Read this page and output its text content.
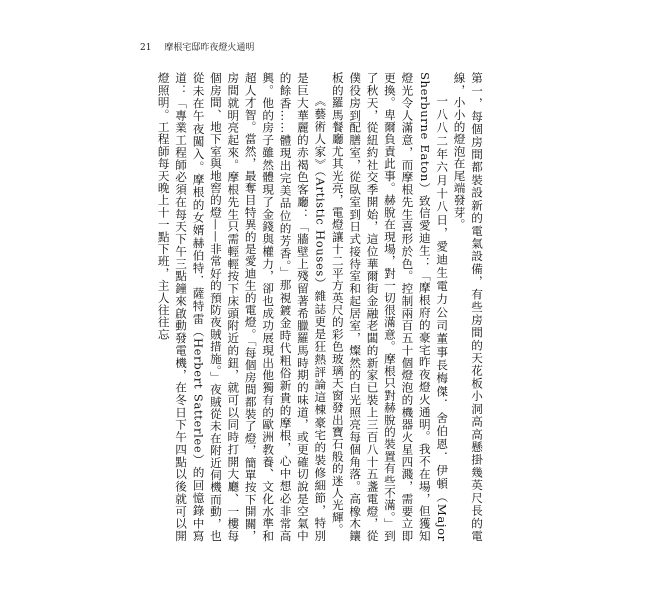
21 摩根宅邸昨夜燈火通明

第一，每個房間都裝設新的電氣設備，有些房間的天花板小洞高高懸掛幾英尺長的電線，小小的燈泡在尾端發芽。

一八八二年六月十八日，愛迪生電力公司董事長梅傑．舍伯恩．伊頓（Major Sherburne Eaton）致信愛迪生：「摩根府的豪宅昨夜燈火通明。我不在場，但獲知燈光令人滿意，而摩根先生喜形於色。控制兩百五十個燈泡的機器火星四濺，需要立即更換。卑爾負責此事。赫脫在現場，對一切很滿意。摩根只對赫脫的裝置有些不滿。」到了秋天，從紐約社交季開始，這位華爾街金融老闆的新家已裝上三百八十五盞電燈，從僕役房到配膳室，從臥室到日式接待室和起居室，燦然的白光照亮每個角落。高橡木鑲板的羅馬餐廳尤其光亮，電燈讓十二平方英尺的彩色玻璃天窗發出寶石般的迷人光輝。

《藝術人家》（Artistic Houses）雜誌更是狂熱評論這棟豪宅的裝修細節，特別是巨大華麗的赤褐色客廳：「牆壁上殘留著希臘羅馬時期的味道，或更確切說是空氣中的餘香……體現出完美品位的芳香。」那視鍍金時代粗俗新貴的摩根，心中想必非常高興。他的房子雖然體現了金錢與權力，卻也成功展現出他獨有的歐洲教養、文化水準和超人才智。當然，最奪目特異的是愛迪生的電燈。「每個房間都裝了燈，簡單按下開關，房間就明亮起來。摩根先生只需輕輕按下床頭附近的鈕，就可以同時打開大廳、一樓每個房間、地下室與地窖的燈——非常好的預防夜賊措施。」夜賊從未在附近伺機而動，也從未在午夜闖入。摩根的女婿赫伯特．薩特雷（Herbert Satterlee）的回憶錄中寫道：「專業工程師必須在每天下午三點鐘來啟動發電機，在冬日下午四點以後就可以開燈照明。工程師每天晚上十一點下班，主人往往忘
